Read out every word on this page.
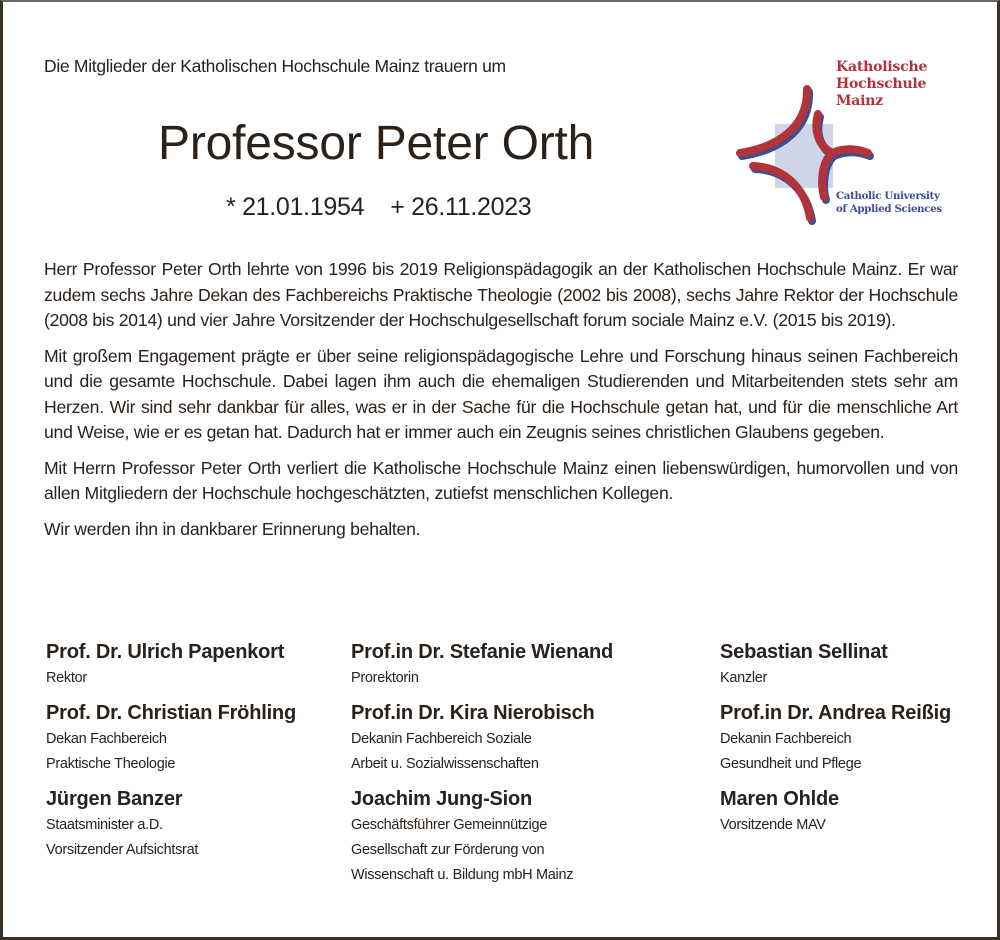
Die Mitglieder der Katholischen Hochschule Mainz trauern um
Professor Peter Orth
* 21.01.1954 + 26.11.2023
Katholische
Hochschule
Mainz
Catholic University
of Applied Sciences

Herr Professor Peter Orth lehrte von 1996 bis 2019 Religionspädagogik an der Katholischen Hochschule Mainz. Er war zudem sechs Jahre Dekan des Fachbereichs Praktische Theologie (2002 bis 2008), sechs Jahre Rektor der Hochschule (2008 bis 2014) und vier Jahre Vorsitzender der Hochschulgesellschaft forum sociale Mainz e.V. (2015 bis 2019).

Mit großem Engagement prägte er über seine religionspädagogische Lehre und Forschung hinaus seinen Fachbereich und die gesamte Hochschule. Dabei lagen ihm auch die ehemaligen Studierenden und Mitarbeitenden stets sehr am Herzen. Wir sind sehr dankbar für alles, was er in der Sache für die Hochschule getan hat, und für die menschliche Art und Weise, wie er es getan hat. Dadurch hat er immer auch ein Zeugnis seines christlichen Glaubens gegeben.

Mit Herrn Professor Peter Orth verliert die Katholische Hochschule Mainz einen liebenswürdigen, humorvollen und von allen Mitgliedern der Hochschule hochgeschätzten, zutiefst menschlichen Kollegen.

Wir werden ihn in dankbarer Erinnerung behalten.

Prof. Dr. Ulrich Papenkort
Rektor
Prof. Dr. Christian Fröhling
Dekan Fachbereich
Praktische Theologie
Jürgen Banzer
Staatsminister a.D.
Vorsitzender Aufsichtsrat
Prof.in Dr. Stefanie Wienand
Prorektorin
Prof.in Dr. Kira Nierobisch
Dekanin Fachbereich Soziale
Arbeit u. Sozialwissenschaften
Joachim Jung-Sion
Geschäftsführer Gemeinnützige
Gesellschaft zur Förderung von
Wissenschaft u. Bildung mbH Mainz
Sebastian Sellinat
Kanzler
Prof.in Dr. Andrea Reißig
Dekanin Fachbereich
Gesundheit und Pflege
Maren Ohlde
Vorsitzende MAV
